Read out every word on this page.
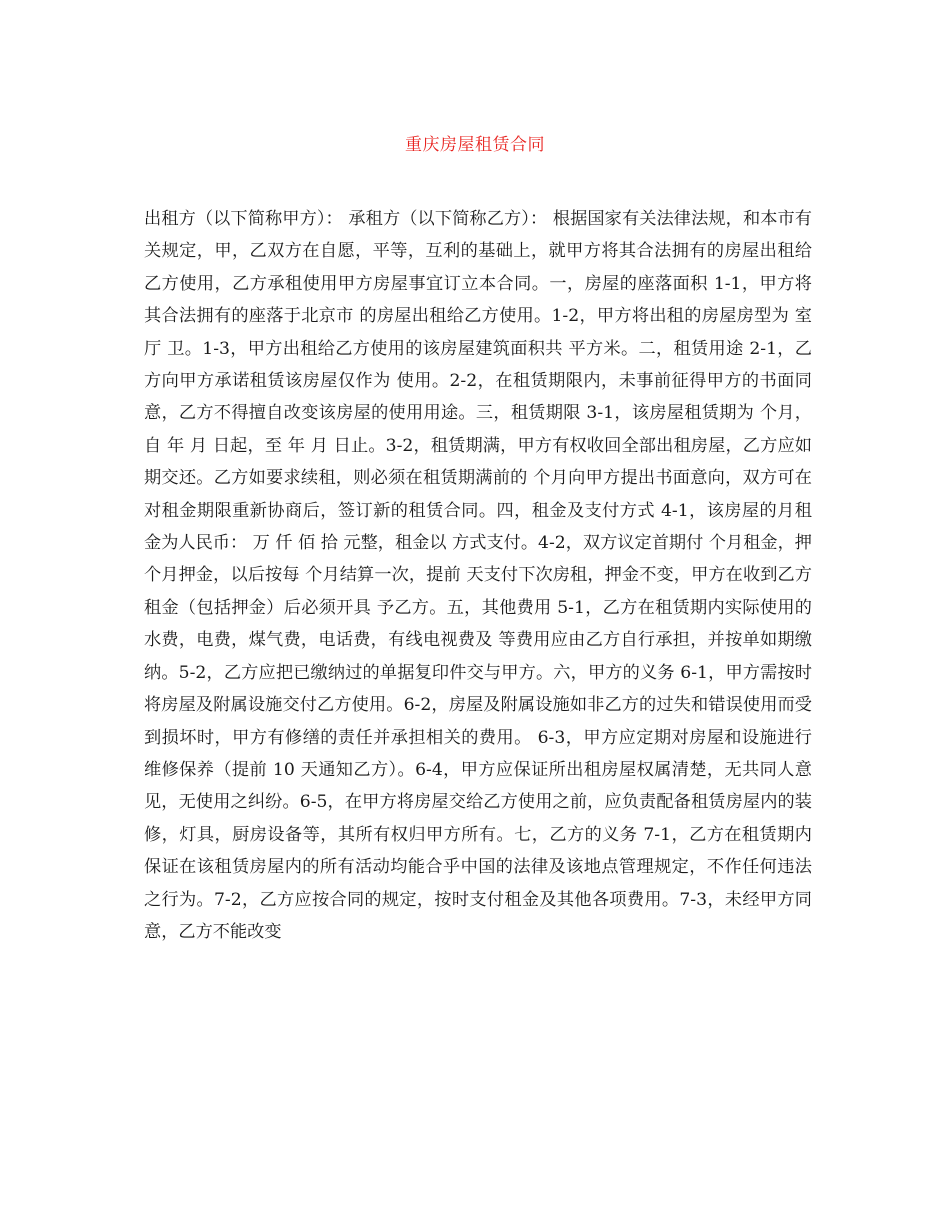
重庆房屋租赁合同

出租方（以下简称甲方）： 承租方（以下简称乙方）： 根据国家有关法律法规，和本市有关规定，甲，乙双方在自愿，平等，互利的基础上，就甲方将其合法拥有的房屋出租给乙方使用，乙方承租使用甲方房屋事宜订立本合同。一，房屋的座落面积 1-1，甲方将其合法拥有的座落于北京市 的房屋出租给乙方使用。1-2，甲方将出租的房屋房型为 室 厅 卫。1-3，甲方出租给乙方使用的该房屋建筑面积共 平方米。二，租赁用途 2-1，乙方向甲方承诺租赁该房屋仅作为 使用。2-2，在租赁期限内，未事前征得甲方的书面同意，乙方不得擅自改变该房屋的使用用途。三，租赁期限 3-1，该房屋租赁期为 个月，自 年 月 日起，至 年 月 日止。3-2，租赁期满，甲方有权收回全部出租房屋，乙方应如期交还。乙方如要求续租，则必须在租赁期满前的 个月向甲方提出书面意向，双方可在对租金期限重新协商后，签订新的租赁合同。四，租金及支付方式 4-1，该房屋的月租金为人民币： 万 仟 佰 拾 元整，租金以 方式支付。4-2，双方议定首期付 个月租金，押 个月押金，以后按每 个月结算一次，提前 天支付下次房租，押金不变，甲方在收到乙方租金（包括押金）后必须开具 予乙方。五，其他费用 5-1，乙方在租赁期内实际使用的水费，电费，煤气费，电话费，有线电视费及 等费用应由乙方自行承担，并按单如期缴纳。5-2，乙方应把已缴纳过的单据复印件交与甲方。六，甲方的义务 6-1，甲方需按时将房屋及附属设施交付乙方使用。6-2，房屋及附属设施如非乙方的过失和错误使用而受到损坏时，甲方有修缮的责任并承担相关的费用。 6-3，甲方应定期对房屋和设施进行维修保养（提前 10 天通知乙方）。6-4，甲方应保证所出租房屋权属清楚，无共同人意见，无使用之纠纷。6-5，在甲方将房屋交给乙方使用之前，应负责配备租赁房屋内的装修，灯具，厨房设备等，其所有权归甲方所有。七，乙方的义务 7-1，乙方在租赁期内保证在该租赁房屋内的所有活动均能合乎中国的法律及该地点管理规定，不作任何违法之行为。7-2，乙方应按合同的规定，按时支付租金及其他各项费用。7-3，未经甲方同意，乙方不能改变
